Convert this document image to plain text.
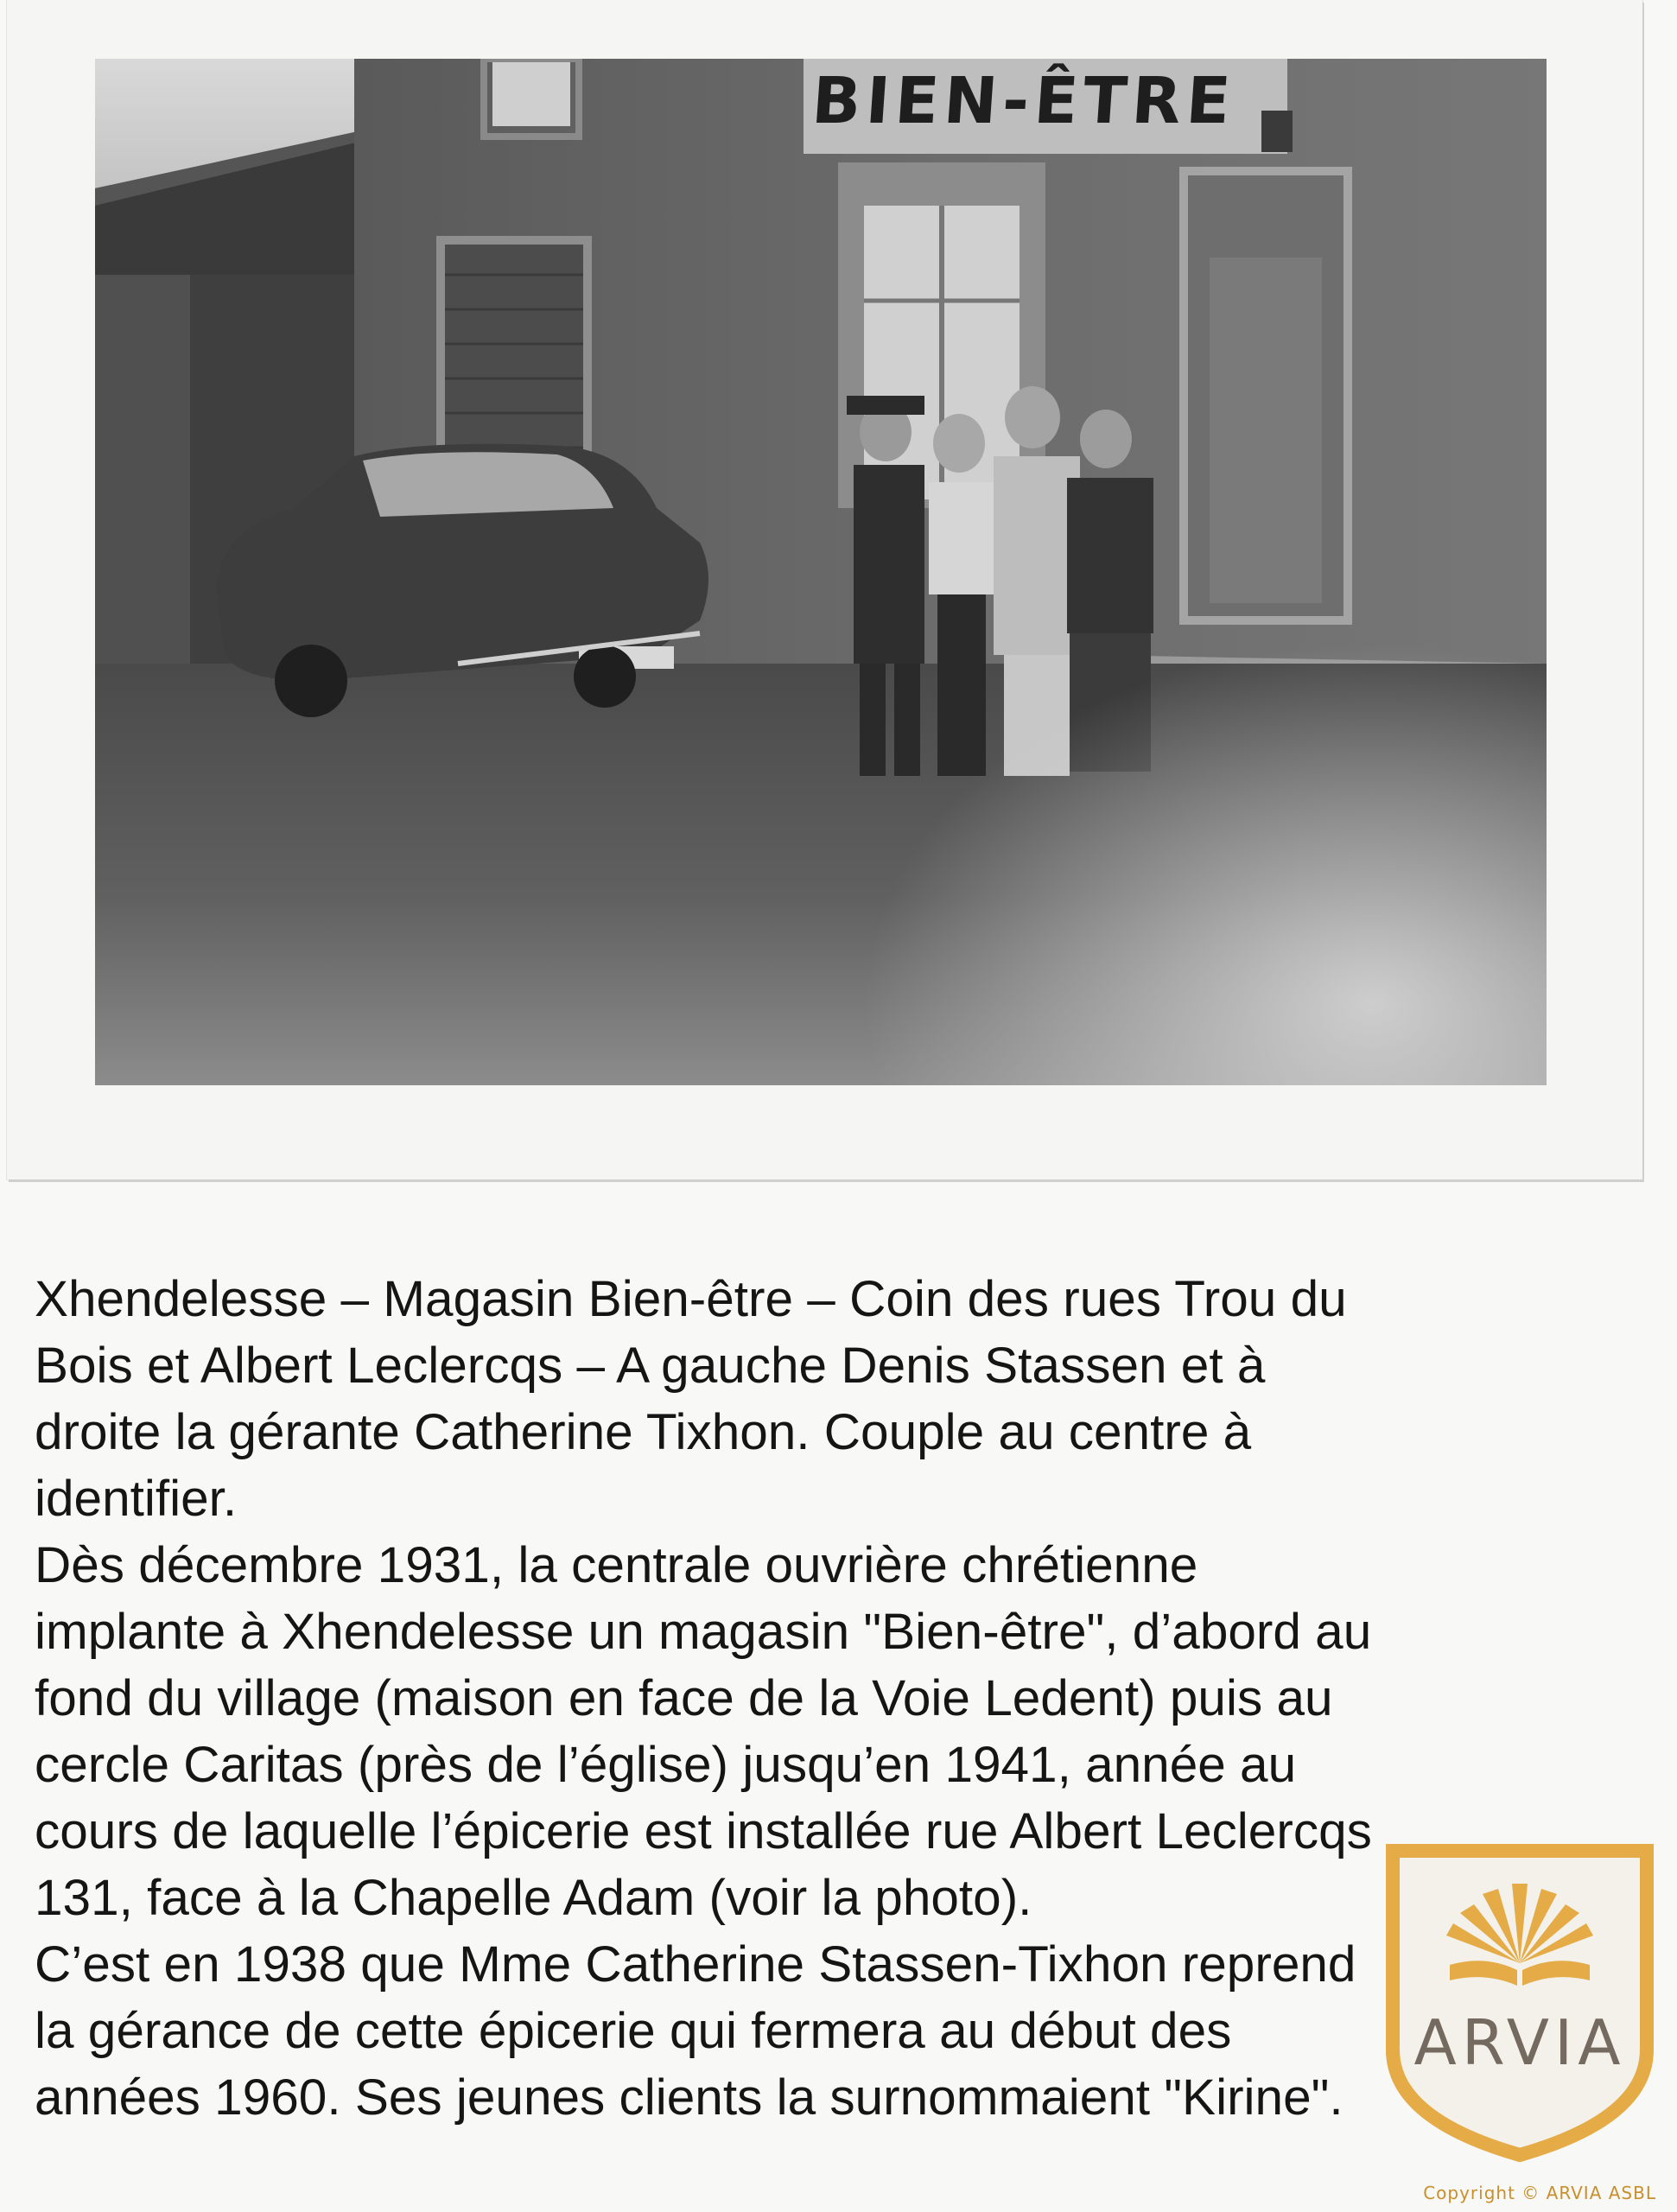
BIEN-ÊTRE

Xhendelesse – Magasin Bien-être – Coin des rues Trou du

Bois et Albert Leclercqs – A gauche Denis Stassen et à

droite la gérante Catherine Tixhon. Couple au centre à

identifier.

Dès décembre 1931, la centrale ouvrière chrétienne

implante à Xhendelesse un magasin "Bien-être", d’abord au

fond du village (maison en face de la Voie Ledent) puis au

cercle Caritas (près de l’église) jusqu’en 1941, année au

cours de laquelle l’épicerie est installée rue Albert Leclercqs

131, face à la Chapelle Adam (voir la photo).

C’est en 1938 que Mme Catherine Stassen-Tixhon reprend

la gérance de cette épicerie qui fermera au début des

années 1960. Ses jeunes clients la surnommaient "Kirine".

ARVIA
Copyright © ARVIA ASBL
